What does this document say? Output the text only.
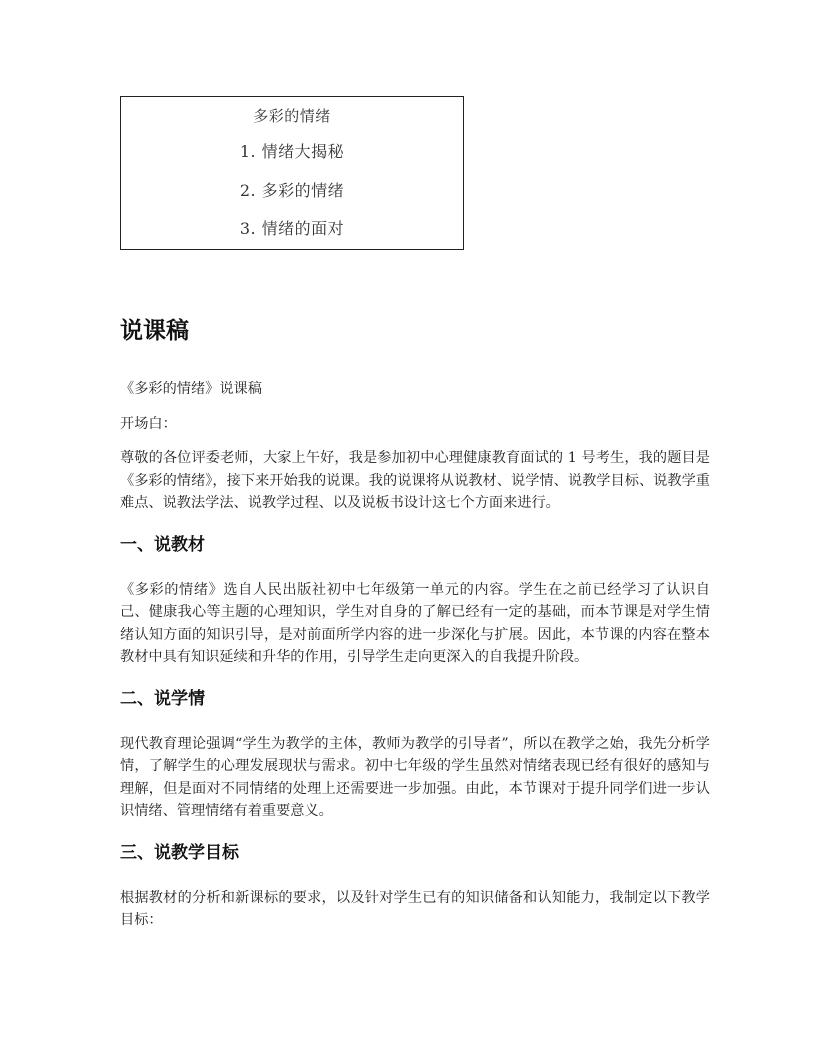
多彩的情绪
1. 情绪大揭秘
2. 多彩的情绪
3. 情绪的面对
说课稿

《多彩的情绪》说课稿

开场白：

尊敬的各位评委老师，大家上午好，我是参加初中心理健康教育面试的 1 号考生，我的题目是《多彩的情绪》，接下来开始我的说课。我的说课将从说教材、说学情、说教学目标、说教学重难点、说教法学法、说教学过程、以及说板书设计这七个方面来进行。

一、说教材

《多彩的情绪》选自人民出版社初中七年级第一单元的内容。学生在之前已经学习了认识自己、健康我心等主题的心理知识，学生对自身的了解已经有一定的基础，而本节课是对学生情绪认知方面的知识引导，是对前面所学内容的进一步深化与扩展。因此，本节课的内容在整本教材中具有知识延续和升华的作用，引导学生走向更深入的自我提升阶段。

二、说学情

现代教育理论强调“学生为教学的主体，教师为教学的引导者”，所以在教学之始，我先分析学情，了解学生的心理发展现状与需求。初中七年级的学生虽然对情绪表现已经有很好的感知与理解，但是面对不同情绪的处理上还需要进一步加强。由此，本节课对于提升同学们进一步认识情绪、管理情绪有着重要意义。

三、说教学目标

根据教材的分析和新课标的要求，以及针对学生已有的知识储备和认知能力，我制定以下教学目标：
